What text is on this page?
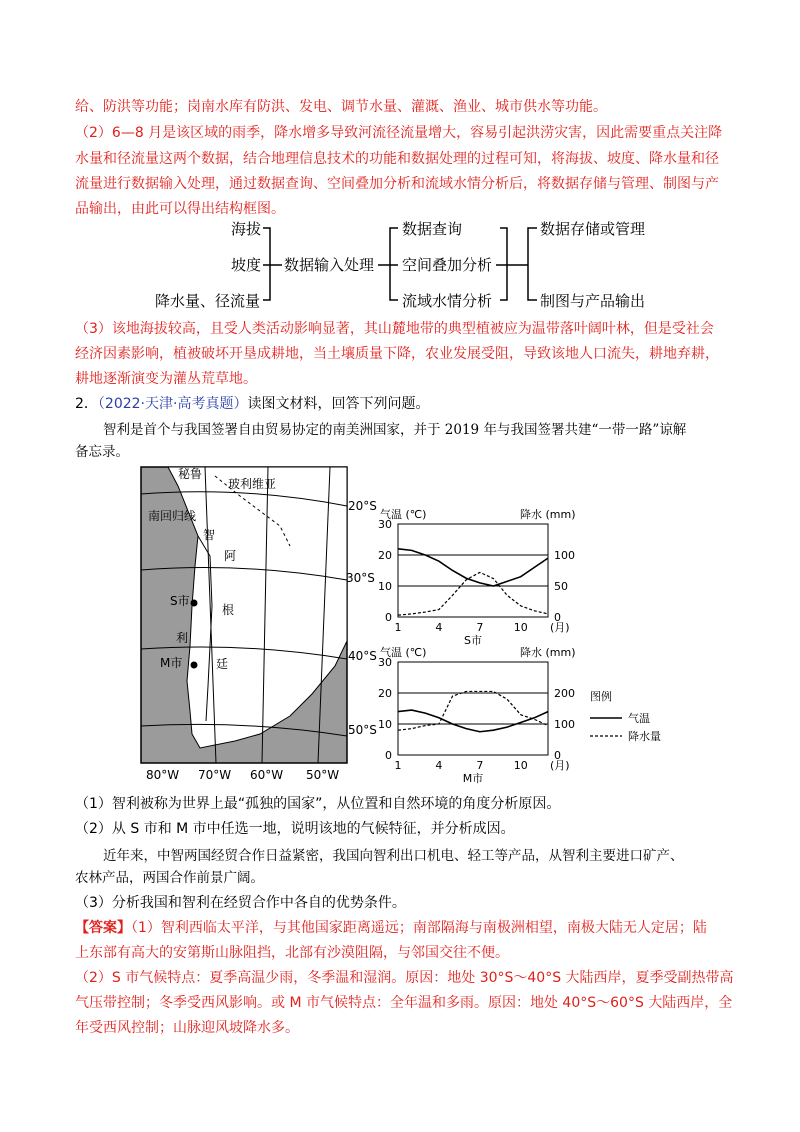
给、防洪等功能；岗南水库有防洪、发电、调节水量、灌溉、渔业、城市供水等功能。
（2）6—8 月是该区域的雨季，降水增多导致河流径流量增大，容易引起洪涝灾害，因此需要重点关注降
水量和径流量这两个数据，结合地理信息技术的功能和数据处理的过程可知，将海拔、坡度、降水量和径
流量进行数据输入处理，通过数据查询、空间叠加分析和流域水情分析后，将数据存储与管理、制图与产
品输出，由此可以得出结构框图。
海拔
坡度
降水量、径流量
数据输入处理
数据查询
空间叠加分析
流域水情分析
数据存储或管理
制图与产品输出
（3）该地海拔较高，且受人类活动影响显著，其山麓地带的典型植被应为温带落叶阔叶林，但是受社会
经济因素影响，植被破坏开垦成耕地，当土壤质量下降，农业发展受阻，导致该地人口流失，耕地弃耕，
耕地逐渐演变为灌丛荒草地。
2．（2022·天津·高考真题）读图文材料，回答下列问题。
智利是首个与我国签署自由贸易协定的南美洲国家，并于 2019 年与我国签署共建“一带一路”谅解
备忘录。
秘鲁
玻利维亚
南回归线
智
阿
S市
根
利
M市	廷
20°S
30°S
40°S
50°S
80°W 70°W 60°W 50°W
气温 (℃)	降水 (mm)
0
10
20
30
0
50
100
1	4	7	10 (月)
S市
气温 (℃)	降水 (mm)
0
10
20
30
0
100
200
1	4	7	10 (月)
M市
图例
气温
降水量
（1）智利被称为世界上最“孤独的国家”，从位置和自然环境的角度分析原因。
（2）从 S 市和 M 市中任选一地，说明该地的气候特征，并分析成因。
近年来，中智两国经贸合作日益紧密，我国向智利出口机电、轻工等产品，从智利主要进口矿产、
农林产品，两国合作前景广阔。
（3）分析我国和智利在经贸合作中各自的优势条件。
【答案】（1）智利西临太平洋，与其他国家距离遥远；南部隔海与南极洲相望，南极大陆无人定居；陆
上东部有高大的安第斯山脉阻挡，北部有沙漠阻隔，与邻国交往不便。
（2）S 市气候特点：夏季高温少雨，冬季温和湿润。原因：地处 30°S～40°S 大陆西岸，夏季受副热带高
气压带控制；冬季受西风影响。或 M 市气候特点：全年温和多雨。原因：地处 40°S～60°S 大陆西岸，全
年受西风控制；山脉迎风坡降水多。
